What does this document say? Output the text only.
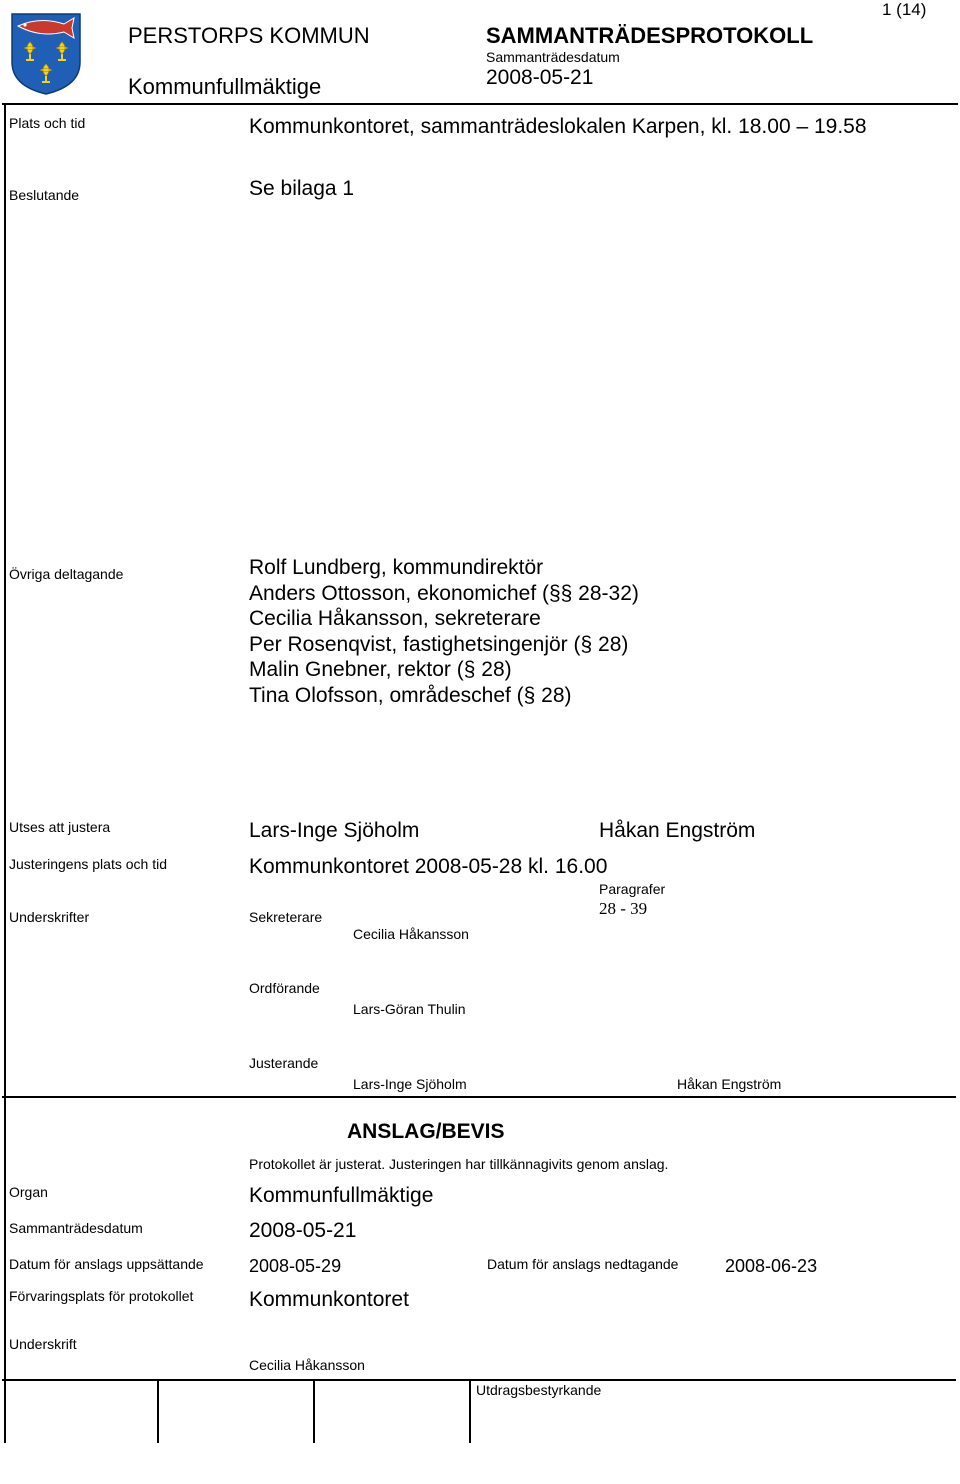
PERSTORPS KOMMUN
Kommunfullmäktige
SAMMANTRÄDESPROTOKOLL
Sammanträdesdatum
2008-05-21
1 (14)
Plats och tid	Kommunkontoret, sammanträdeslokalen Karpen, kl. 18.00 – 19.58
Beslutande	Se bilaga 1
Övriga deltagande	Rolf Lundberg, kommundirektör
Anders Ottosson, ekonomichef (§§ 28-32)
Cecilia Håkansson, sekreterare
Per Rosenqvist, fastighetsingenjör (§ 28)
Malin Gnebner, rektor (§ 28)
Tina Olofsson, områdeschef (§ 28)
Utses att justera	Lars-Inge Sjöholm	Håkan Engström
Justeringens plats och tid	Kommunkontoret 2008-05-28 kl. 16.00
Paragrafer
28 - 39
Underskrifter	Sekreterare
Cecilia Håkansson
Ordförande
Lars-Göran Thulin
Justerande
Lars-Inge Sjöholm	Håkan Engström
ANSLAG/BEVIS
Protokollet är justerat. Justeringen har tillkännagivits genom anslag.
Organ	Kommunfullmäktige
Sammanträdesdatum	2008-05-21
Datum för anslags uppsättande	2008-05-29	Datum för anslags nedtagande	2008-06-23
Förvaringsplats för protokollet	Kommunkontoret
Underskrift
Cecilia Håkansson
Utdragsbestyrkande
